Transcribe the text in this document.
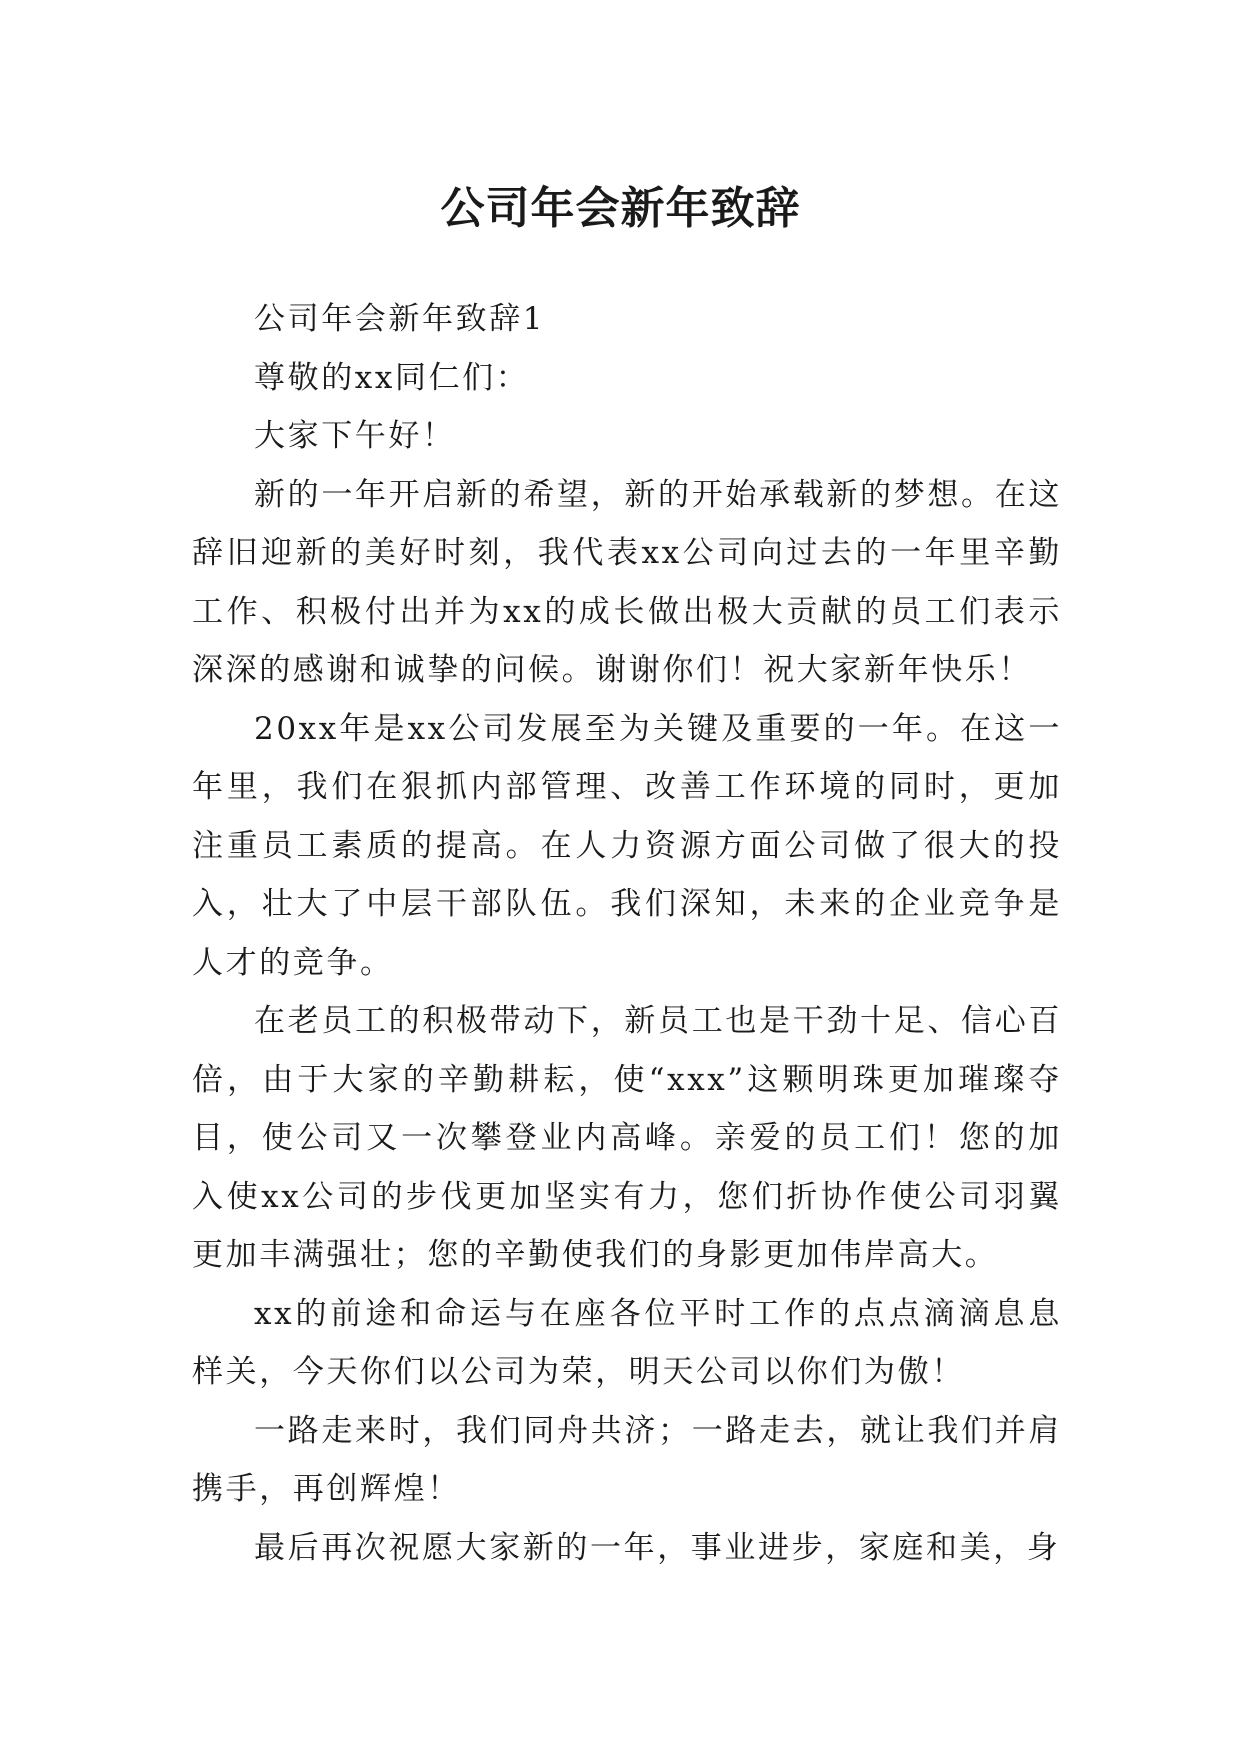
公司年会新年致辞

公司年会新年致辞1

尊敬的xx同仁们：

大家下午好！

新的一年开启新的希望，新的开始承载新的梦想。在这辞旧迎新的美好时刻，我代表xx公司向过去的一年里辛勤工作、积极付出并为xx的成长做出极大贡献的员工们表示深深的感谢和诚挚的问候。谢谢你们！祝大家新年快乐！

20xx年是xx公司发展至为关键及重要的一年。在这一年里，我们在狠抓内部管理、改善工作环境的同时，更加注重员工素质的提高。在人力资源方面公司做了很大的投入，壮大了中层干部队伍。我们深知，未来的企业竞争是人才的竞争。

在老员工的积极带动下，新员工也是干劲十足、信心百倍，由于大家的辛勤耕耘，使“xxx”这颗明珠更加璀璨夺目，使公司又一次攀登业内高峰。亲爱的员工们！您的加入使xx公司的步伐更加坚实有力，您们折协作使公司羽翼更加丰满强壮；您的辛勤使我们的身影更加伟岸高大。

xx的前途和命运与在座各位平时工作的点点滴滴息息样关，今天你们以公司为荣，明天公司以你们为傲！

一路走来时，我们同舟共济；一路走去，就让我们并肩携手，再创辉煌！

最后再次祝愿大家新的一年，事业进步，家庭和美，身
